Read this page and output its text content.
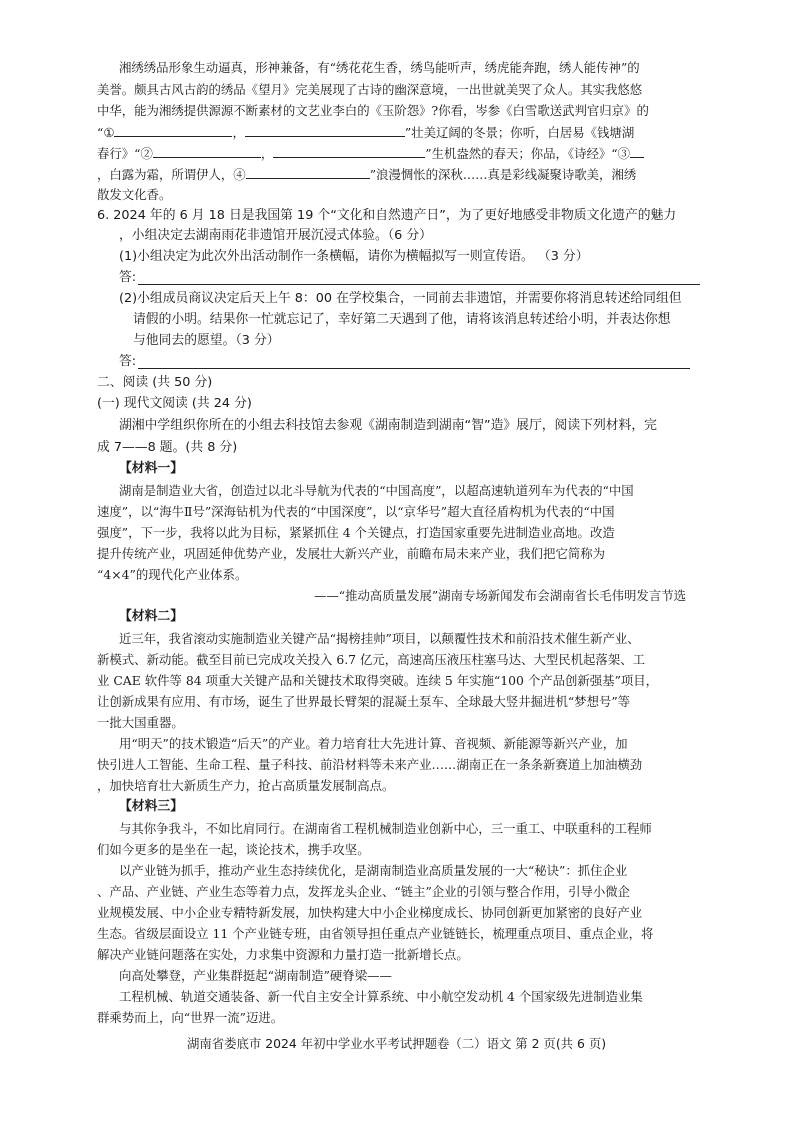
湘绣绣品形象生动逼真，形神兼备，有“绣花花生香，绣鸟能听声，绣虎能奔跑，绣人能传神”的
美誉。颇具古风古韵的绣品《望月》完美展现了古诗的幽深意境，一出世就美哭了众人。其实我悠悠
中华，能为湘绣提供源源不断素材的文艺业李白的《玉阶怨》?你看，岑参《白雪歌送武判官归京》的
“①	，	”壮美辽阔的冬景；你听，白居易《钱塘湖
春行》“②	，	”生机盎然的春天；你品，《诗经》“③
，白露为霜，所谓伊人，④	”浪漫惆怅的深秋……真是彩线凝聚诗歌美，湘绣
散发文化香。
6. 2024 年的 6 月 18 日是我国第 19 个“文化和自然遗产日”，为了更好地感受非物质文化遗产的魅力
，小组决定去湖南雨花非遗馆开展沉浸式体验。（6 分）
(1)小组决定为此次外出活动制作一条横幅，请你为横幅拟写一则宣传语。 （3 分）
答:
(2)小组成员商议决定后天上午 8：00 在学校集合，一同前去非遗馆，并需要你将消息转述给同组但
请假的小明。结果你一忙就忘记了，幸好第二天遇到了他，请将该消息转述给小明，并表达你想
与他同去的愿望。（3 分）
答:
二、阅读 (共 50 分)
(一) 现代文阅读 (共 24 分)
湖湘中学组织你所在的小组去科技馆去参观《湖南制造到湖南“智”造》展厅，阅读下列材料，完
成 7——8 题。(共 8 分)
【材料一】
湖南是制造业大省，创造过以北斗导航为代表的“中国高度”，以超高速轨道列车为代表的“中国
速度”，以“海牛Ⅱ号”深海钻机为代表的“中国深度”，以“京华号”超大直径盾构机为代表的“中国
强度”，下一步，我将以此为目标，紧紧抓住 4 个关键点，打造国家重要先进制造业高地。改造
提升传统产业，巩固延伸优势产业，发展壮大新兴产业，前瞻布局未来产业，我们把它简称为
“4×4”的现代化产业体系。
——“推动高质量发展”湖南专场新闻发布会湖南省长毛伟明发言节选
【材料二】
近三年，我省滚动实施制造业关键产品“揭榜挂帅”项目，以颠覆性技术和前沿技术催生新产业、
新模式、新动能。截至目前已完成攻关投入 6.7 亿元，高速高压液压柱塞马达、大型民机起落架、工
业 CAE 软件等 84 项重大关键产品和关键技术取得突破。连续 5 年实施“100 个产品创新强基”项目，
让创新成果有应用、有市场，诞生了世界最长臂架的混凝土泵车、全球最大竖井掘进机“梦想号”等
一批大国重器。
用“明天”的技术锻造“后天”的产业。着力培育壮大先进计算、音视频、新能源等新兴产业，加
快引进人工智能、生命工程、量子科技、前沿材料等未来产业……湖南正在一条条新赛道上加油横劲
，加快培育壮大新质生产力，抢占高质量发展制高点。
【材料三】
与其你争我斗，不如比肩同行。在湖南省工程机械制造业创新中心，三一重工、中联重科的工程师
们如今更多的是坐在一起，谈论技术，携手攻坚。
以产业链为抓手，推动产业生态持续优化，是湖南制造业高质量发展的一大“秘诀”：抓住企业
、产品、产业链、产业生态等着力点，发挥龙头企业、“链主”企业的引领与整合作用，引导小微企
业规模发展、中小企业专精特新发展，加快构建大中小企业梯度成长、协同创新更加紧密的良好产业
生态。省级层面设立 11 个产业链专班，由省领导担任重点产业链链长，梳理重点项目、重点企业，将
解决产业链问题落在实处，力求集中资源和力量打造一批新增长点。
向高处攀登，产业集群挺起“湖南制造”硬脊梁——
工程机械、轨道交通装备、新一代自主安全计算系统、中小航空发动机 4 个国家级先进制造业集
群乘势而上，向“世界一流”迈进。
湖南省娄底市 2024 年初中学业水平考试押题卷（二）语文 第 2 页(共 6 页)
